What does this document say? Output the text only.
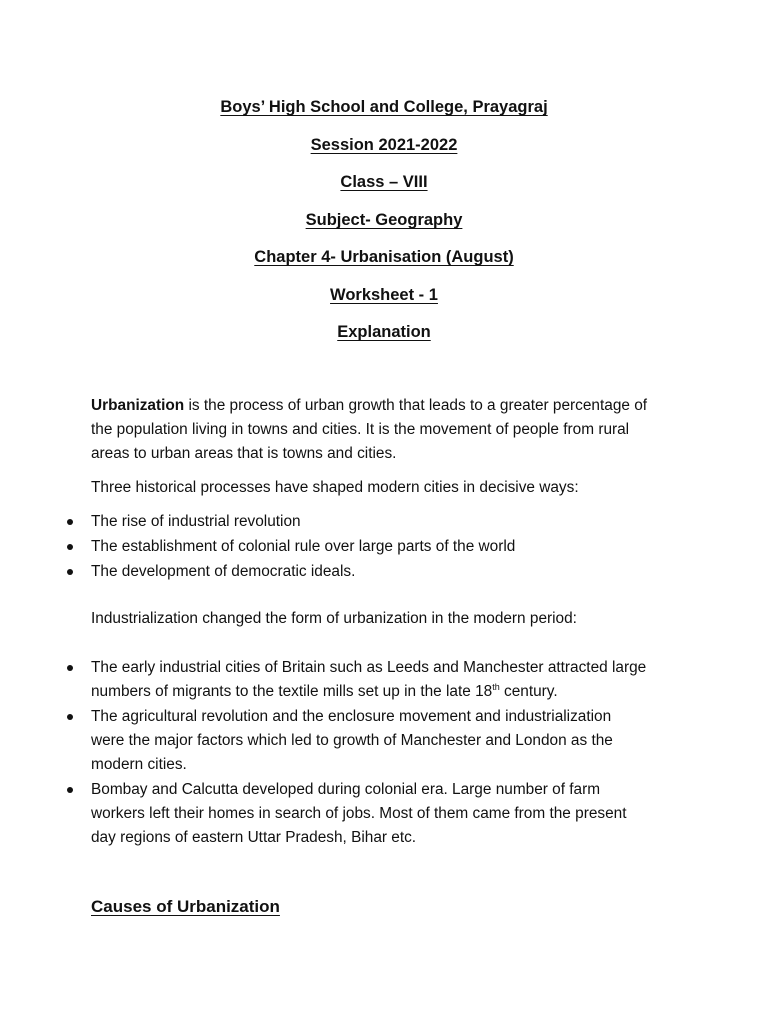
Boys’ High School and College, Prayagraj
Session 2021-2022
Class – VIII
Subject- Geography
Chapter 4- Urbanisation (August)
Worksheet - 1
Explanation
Urbanization is the process of urban growth that leads to a greater percentage of
the population living in towns and cities. It is the movement of people from rural
areas to urban areas that is towns and cities.
Three historical processes have shaped modern cities in decisive ways:
The rise of industrial revolution
The establishment of colonial rule over large parts of the world
The development of democratic ideals.
Industrialization changed the form of urbanization in the modern period:
The early industrial cities of Britain such as Leeds and Manchester attracted large
numbers of migrants to the textile mills set up in the late 18th century.
The agricultural revolution and the enclosure movement and industrialization
were the major factors which led to growth of Manchester and London as the
modern cities.
Bombay and Calcutta developed during colonial era. Large number of farm
workers left their homes in search of jobs. Most of them came from the present
day regions of eastern Uttar Pradesh, Bihar etc.
Causes of Urbanization
